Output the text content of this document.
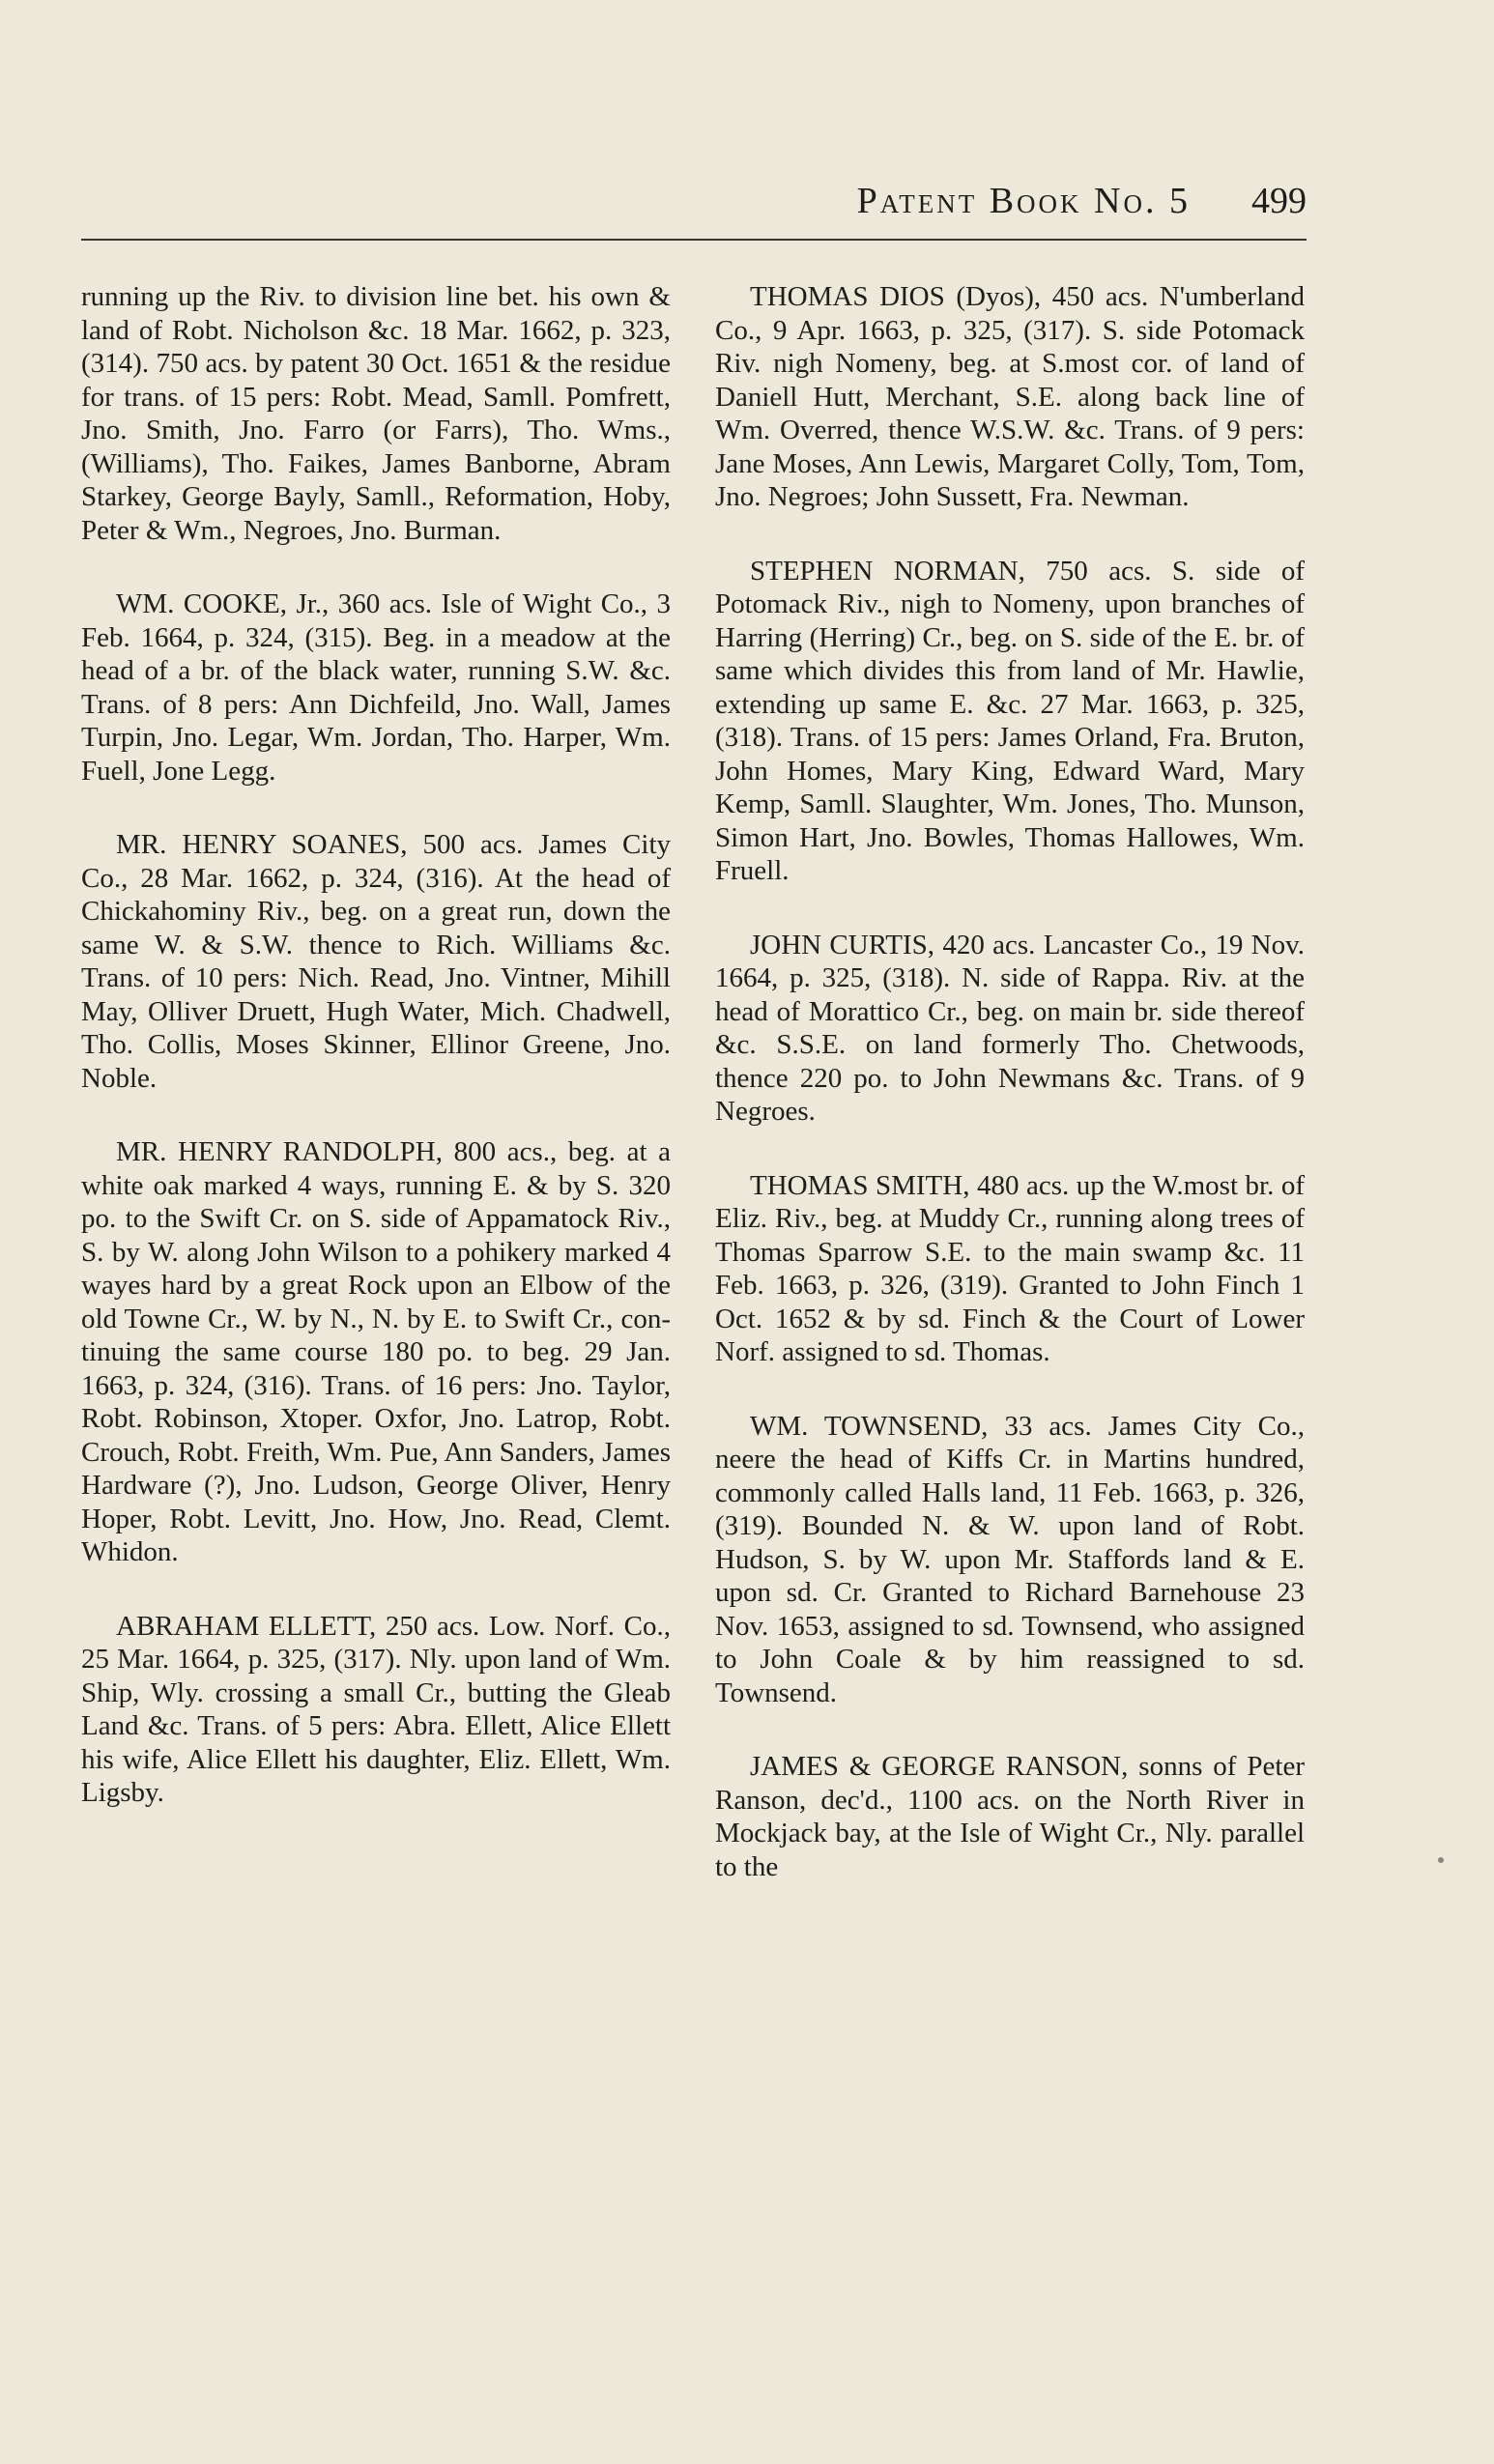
Patent Book No. 5 499

running up the Riv. to division line bet. his own & land of Robt. Nicholson &c. 18 Mar. 1662, p. 323, (314). 750 acs. by patent 30 Oct. 1651 & the residue for trans. of 15 pers: Robt. Mead, Samll. Pomfrett, Jno. Smith, Jno. Farro (or Farrs), Tho. Wms., (Williams), Tho. Faikes, James Banborne, Abram Starkey, George Bayly, Samll., Reformation, Hoby, Peter & Wm., Negroes, Jno. Burman.

WM. COOKE, Jr., 360 acs. Isle of Wight Co., 3 Feb. 1664, p. 324, (315). Beg. in a meadow at the head of a br. of the black water, running S.W. &c. Trans. of 8 pers: Ann Dichfeild, Jno. Wall, James Turpin, Jno. Legar, Wm. Jordan, Tho. Harper, Wm. Fuell, Jone Legg.

MR. HENRY SOANES, 500 acs. James City Co., 28 Mar. 1662, p. 324, (316). At the head of Chickahominy Riv., beg. on a great run, down the same W. & S.W. thence to Rich. Williams &c. Trans. of 10 pers: Nich. Read, Jno. Vintner, Mihill May, Olliver Druett, Hugh Water, Mich. Chadwell, Tho. Collis, Moses Skinner, Ellinor Greene, Jno. Noble.

MR. HENRY RANDOLPH, 800 acs., beg. at a white oak marked 4 ways, running E. & by S. 320 po. to the Swift Cr. on S. side of Appamatock Riv., S. by W. along John Wilson to a pohikery marked 4 wayes hard by a great Rock upon an Elbow of the old Towne Cr., W. by N., N. by E. to Swift Cr., continuing the same course 180 po. to beg. 29 Jan. 1663, p. 324, (316). Trans. of 16 pers: Jno. Taylor, Robt. Robinson, Xtoper. Oxfor, Jno. Latrop, Robt. Crouch, Robt. Freith, Wm. Pue, Ann Sanders, James Hardware (?), Jno. Ludson, George Oliver, Henry Hoper, Robt. Levitt, Jno. How, Jno. Read, Clemt. Whidon.

ABRAHAM ELLETT, 250 acs. Low. Norf. Co., 25 Mar. 1664, p. 325, (317). Nly. upon land of Wm. Ship, Wly. crossing a small Cr., butting the Gleab Land &c. Trans. of 5 pers: Abra. Ellett, Alice Ellett his wife, Alice Ellett his daughter, Eliz. Ellett, Wm. Ligsby.

THOMAS DIOS (Dyos), 450 acs. N'umberland Co., 9 Apr. 1663, p. 325, (317). S. side Potomack Riv. nigh Nomeny, beg. at S.most cor. of land of Daniell Hutt, Merchant, S.E. along back line of Wm. Overred, thence W.S.W. &c. Trans. of 9 pers: Jane Moses, Ann Lewis, Margaret Colly, Tom, Tom, Jno. Negroes; John Sussett, Fra. Newman.

STEPHEN NORMAN, 750 acs. S. side of Potomack Riv., nigh to Nomeny, upon branches of Harring (Herring) Cr., beg. on S. side of the E. br. of same which divides this from land of Mr. Hawlie, extending up same E. &c. 27 Mar. 1663, p. 325, (318). Trans. of 15 pers: James Orland, Fra. Bruton, John Homes, Mary King, Edward Ward, Mary Kemp, Samll. Slaughter, Wm. Jones, Tho. Munson, Simon Hart, Jno. Bowles, Thomas Hallowes, Wm. Fruell.

JOHN CURTIS, 420 acs. Lancaster Co., 19 Nov. 1664, p. 325, (318). N. side of Rappa. Riv. at the head of Morattico Cr., beg. on main br. side thereof &c. S.S.E. on land formerly Tho. Chetwoods, thence 220 po. to John Newmans &c. Trans. of 9 Negroes.

THOMAS SMITH, 480 acs. up the W.most br. of Eliz. Riv., beg. at Muddy Cr., running along trees of Thomas Sparrow S.E. to the main swamp &c. 11 Feb. 1663, p. 326, (319). Granted to John Finch 1 Oct. 1652 & by sd. Finch & the Court of Lower Norf. assigned to sd. Thomas.

WM. TOWNSEND, 33 acs. James City Co., neere the head of Kiffs Cr. in Martins hundred, commonly called Halls land, 11 Feb. 1663, p. 326, (319). Bounded N. & W. upon land of Robt. Hudson, S. by W. upon Mr. Staffords land & E. upon sd. Cr. Granted to Richard Barnehouse 23 Nov. 1653, assigned to sd. Townsend, who assigned to John Coale & by him reassigned to sd. Townsend.

JAMES & GEORGE RANSON, sonns of Peter Ranson, dec'd., 1100 acs. on the North River in Mockjack bay, at the Isle of Wight Cr., Nly. parallel to the
